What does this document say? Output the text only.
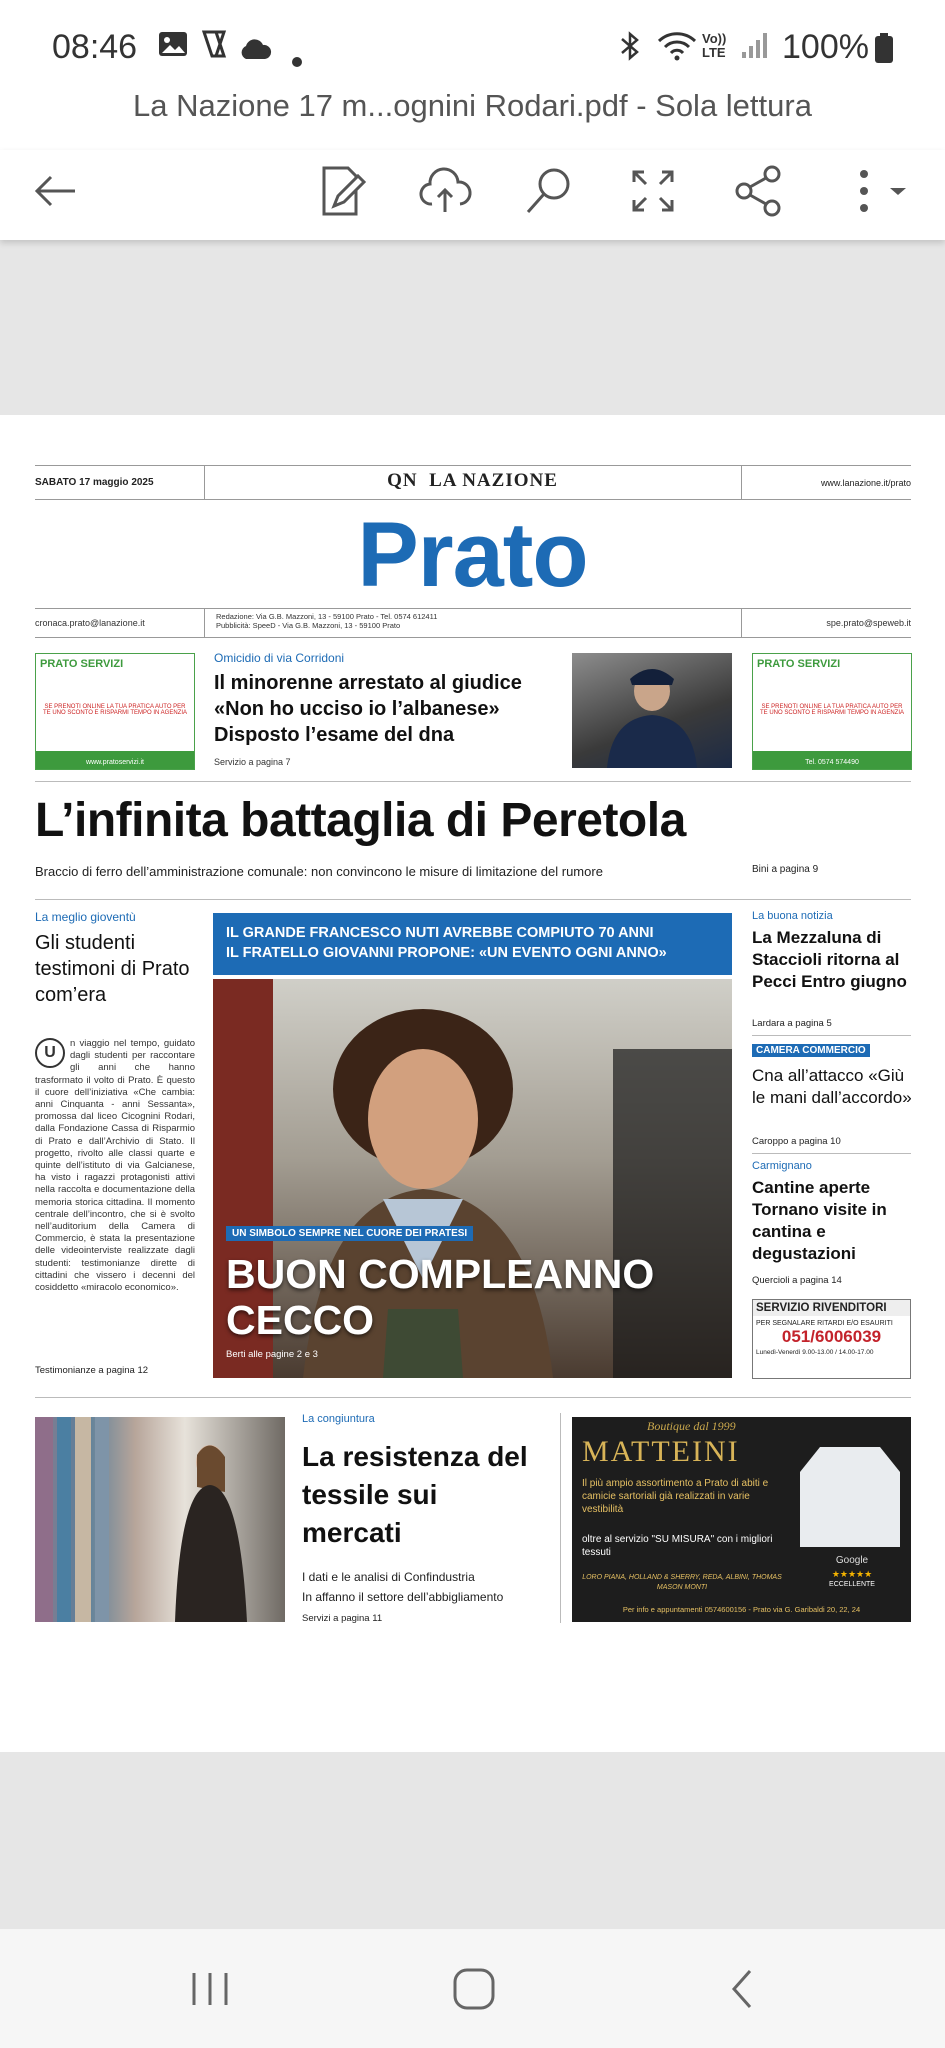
08:46	Vo))
LTE 100%
La Nazione 17 m...ognini Rodari.pdf - Sola lettura
SABATO 17 maggio 2025	QN  LA NAZIONE	www.lanazione.it/prato
Prato
cronaca.prato@lanazione.it
Redazione: Via G.B. Mazzoni, 13 - 59100 Prato - Tel. 0574 612411
Pubblicità: SpeeD - Via G.B. Mazzoni, 13 - 59100 Prato	spe.prato@speweb.it
PRATO SERVIZI
SE PRENOTI ONLINE LA TUA PRATICA AUTO PER TE UNO SCONTO E RISPARMI TEMPO IN AGENZIA
www.pratoservizi.it
PRATO SERVIZI
SE PRENOTI ONLINE LA TUA PRATICA AUTO PER TE UNO SCONTO E RISPARMI TEMPO IN AGENZIA
Tel. 0574 574490
Omicidio di via Corridoni
Il minorenne arrestato al giudice
«Non ho ucciso io l’albanese»
Disposto l’esame del dna
Servizio a pagina 7
L’infinita battaglia di Peretola
Braccio di ferro dell’amministrazione comunale: non convincono le misure di limitazione del rumore	Bini a pagina 9
La meglio gioventù
Gli studenti testimoni di Prato com’era
U
n viaggio nel tempo, guidato dagli studenti per raccontare gli anni che hanno trasformato il volto di Prato. È questo il cuore dell’iniziativa «Che cambia: anni Cinquanta - anni Sessanta», promossa dal liceo Cicognini Rodari, dalla Fondazione Cassa di Risparmio di Prato e dall’Archivio di Stato. Il progetto, rivolto alle classi quarte e quinte dell’istituto di via Galcianese, ha visto i ragazzi protagonisti attivi nella raccolta e documentazione della memoria storica cittadina. Il momento centrale dell’incontro, che si è svolto nell’auditorium della Camera di Commercio, è stata la presentazione delle videointerviste realizzate dagli studenti: testimonianze dirette di cittadini che vissero i decenni del cosiddetto «miracolo economico».
Testimonianze a pagina 12
IL GRANDE FRANCESCO NUTI AVREBBE COMPIUTO 70 ANNI
IL FRATELLO GIOVANNI PROPONE: «UN EVENTO OGNI ANNO»
UN SIMBOLO SEMPRE NEL CUORE DEI PRATESI
BUON COMPLEANNO
CECCO
Berti alle pagine 2 e 3
La buona notizia
La Mezzaluna di Staccioli ritorna al Pecci Entro giugno
Lardara a pagina 5
CAMERA COMMERCIO
Cna all’attacco «Giù le mani dall’accordo»
Caroppo a pagina 10
Carmignano
Cantine aperte Tornano visite in cantina e degustazioni
Quercioli a pagina 14
SERVIZIO RIVENDITORI
PER SEGNALARE RITARDI E/O ESAURITI
051/6006039
Lunedì-Venerdì 9.00-13.00 / 14.00-17.00
La congiuntura
La resistenza del tessile sui mercati
I dati e le analisi di Confindustria
In affanno il settore dell’abbigliamento
Servizi a pagina 11
Boutique dal 1999
MATTEINI
Il più ampio assortimento a Prato di abiti e camicie sartoriali già realizzati in varie vestibilità
oltre al servizio "SU MISURA" con i migliori tessuti
LORO PIANA, HOLLAND & SHERRY, REDA, ALBINI, THOMAS MASON MONTI
Google
★★★★★
ECCELLENTE
Per info e appuntamenti 0574600156 - Prato via G. Garibaldi 20, 22, 24
